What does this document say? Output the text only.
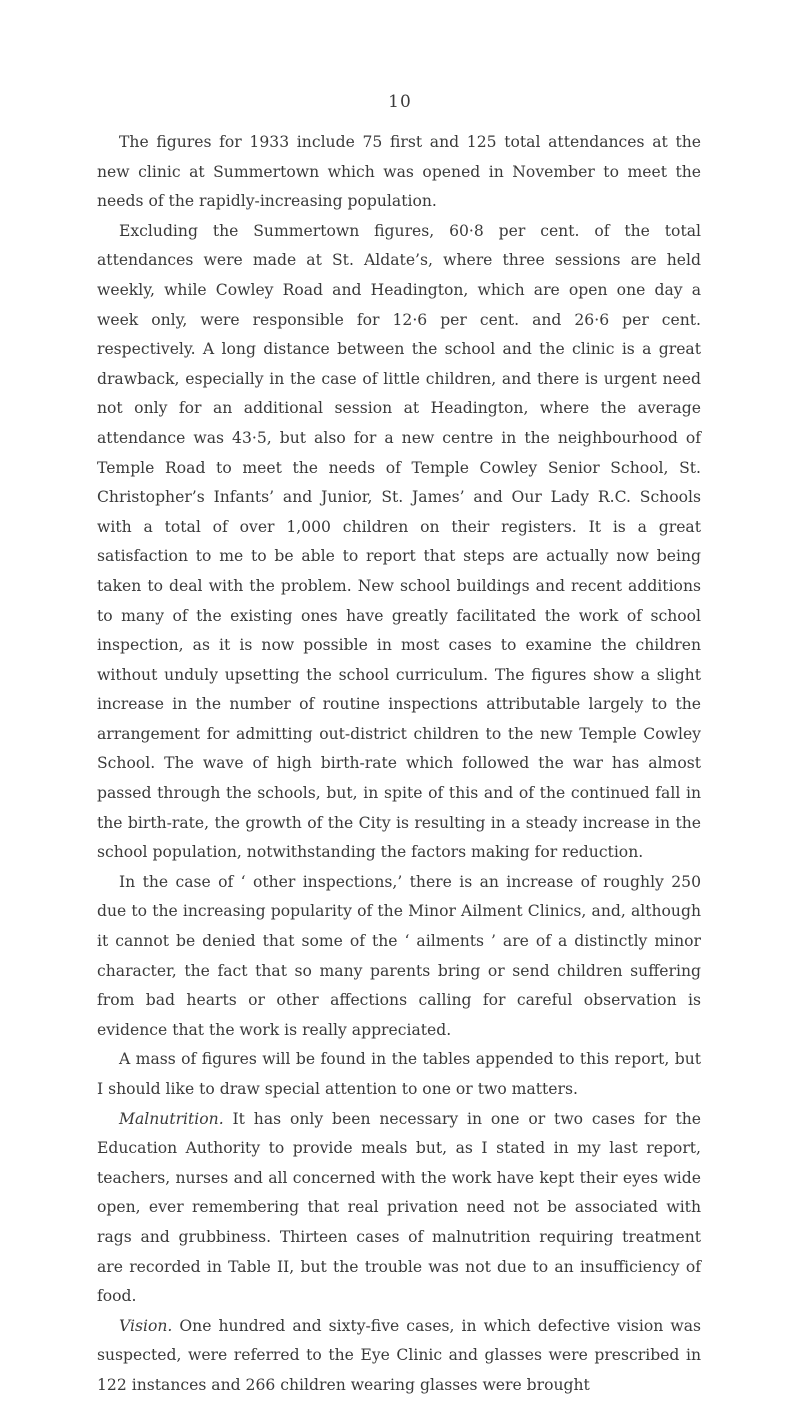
10

The figures for 1933 include 75 first and 125 total attendances at the new clinic at Summertown which was opened in November to meet the needs of the rapidly-increasing population.

Excluding the Summertown figures, 60·8 per cent. of the total attendances were made at St. Aldate’s, where three sessions are held weekly, while Cowley Road and Headington, which are open one day a week only, were responsible for 12·6 per cent. and 26·6 per cent. respectively. A long distance between the school and the clinic is a great drawback, especially in the case of little children, and there is urgent need not only for an additional session at Headington, where the average attendance was 43·5, but also for a new centre in the neighbourhood of Temple Road to meet the needs of Temple Cowley Senior School, St. Christopher’s Infants’ and Junior, St. James’ and Our Lady R.C. Schools with a total of over 1,000 children on their registers. It is a great satisfaction to me to be able to report that steps are actually now being taken to deal with the problem. New school buildings and recent additions to many of the existing ones have greatly facilitated the work of school inspection, as it is now possible in most cases to examine the children without unduly upsetting the school curriculum. The figures show a slight increase in the number of routine inspections attributable largely to the arrangement for admitting out-district children to the new Temple Cowley School. The wave of high birth-rate which followed the war has almost passed through the schools, but, in spite of this and of the continued fall in the birth-rate, the growth of the City is resulting in a steady increase in the school population, notwithstanding the factors making for reduction.

In the case of ‘ other inspections,’ there is an increase of roughly 250 due to the increasing popularity of the Minor Ailment Clinics, and, although it cannot be denied that some of the ‘ ailments ’ are of a distinctly minor character, the fact that so many parents bring or send children suffering from bad hearts or other affections calling for careful observation is evidence that the work is really appreciated.

A mass of figures will be found in the tables appended to this report, but I should like to draw special attention to one or two matters.

Malnutrition. It has only been necessary in one or two cases for the Education Authority to provide meals but, as I stated in my last report, teachers, nurses and all concerned with the work have kept their eyes wide open, ever remembering that real privation need not be associated with rags and grubbiness. Thirteen cases of malnutrition requiring treatment are recorded in Table II, but the trouble was not due to an insufficiency of food.

Vision. One hundred and sixty-five cases, in which defective vision was suspected, were referred to the Eye Clinic and glasses were prescribed in 122 instances and 266 children wearing glasses were brought
